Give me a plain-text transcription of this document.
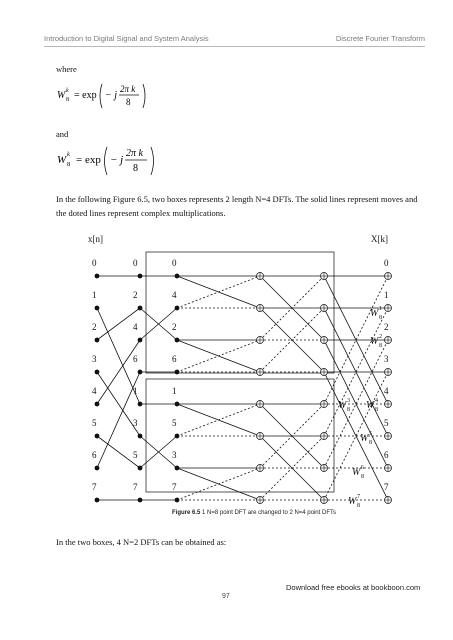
Introduction to Digital Signal and System Analysis	Discrete Fourier Transform
where
W 8
k = exp − j
2π k
8
and
W 8
k = exp − j
2π k
8
In the following Figure 6.5, two boxes represents 2 length N=4 DFTs. The solid lines represent moves and the doted lines represent complex multiplications.
x[n]	X[k]
0	0	0	0
1	2	4	1
2	4	2	2
3	6	6	3
4	1	1	4
5	3	5	5
6	5	3	6
7	7	7	7
W 8
1
W 8
2
W 8
3 W 8
4
W 8
5
W 8
6
W 8
7
Figure 6.5 1 N=8 point DFT are changed to 2 N=4 point DFTs
In the two boxes, 4 N=2 DFTs can be obtained as:
Download free ebooks at bookboon.com
97
